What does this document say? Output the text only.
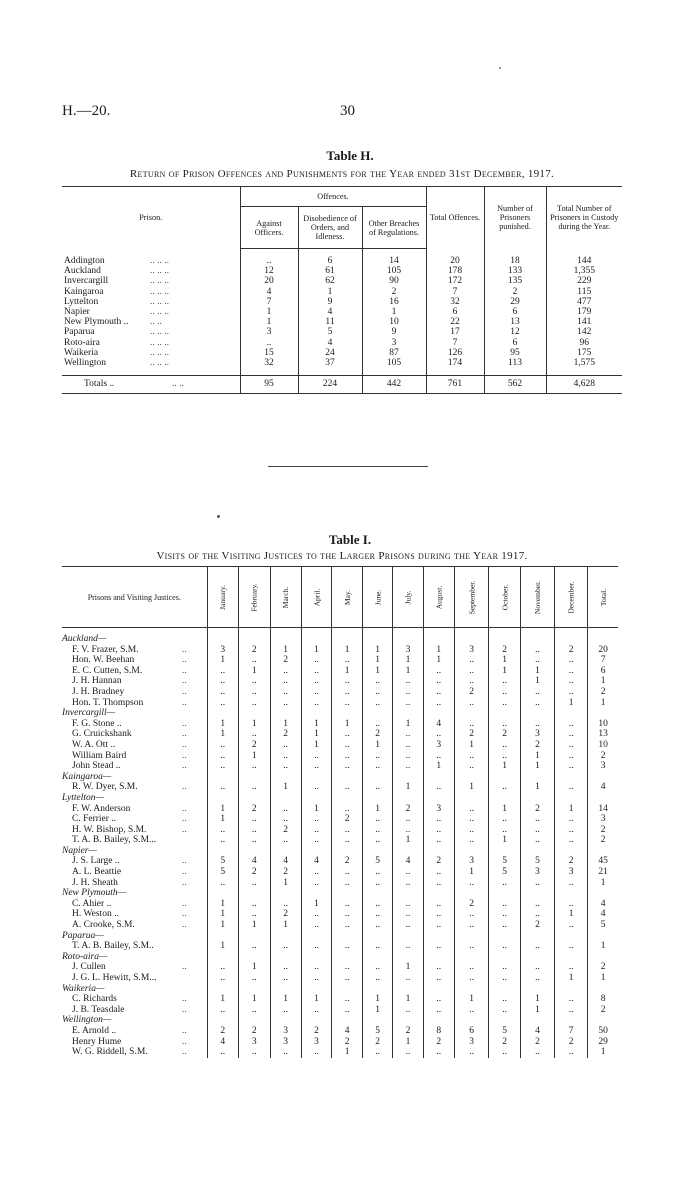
H.—20.	30
Table H.
Return of Prison Offences and Punishments for the Year ended 31st December, 1917.
Prison.	Offences.			Total Offences.	Number of Prisoners punished.	Total Number of Prisoners in Custody during the Year.
	Against Officers.	Disobedience of Orders, and Idleness.	Other Breaches of Regulations.			

Addington .. .. ..	..	6	14	20	18	144
Auckland .. .. ..	12	61	105	178	133	1,355
Invercargill .. .. ..	20	62	90	172	135	229
Kaingaroa .. .. ..	4	1	2	7	2	115
Lyttelton .. .. ..	7	9	16	32	29	477
Napier .. .. ..	1	4	1	6	6	179
New Plymouth .. .. ..	1	11	10	22	13	141
Paparua .. .. ..	3	5	9	17	12	142
Roto-aira .. .. ..	..	4	3	7	6	96
Waikeria .. .. ..	15	24	87	126	95	175
Wellington .. .. ..	32	37	105	174	113	1,575

Totals .. .. ..	95	224	442	761	562	4,628
Table I.
Visits of the Visiting Justices to the Larger Prisons during the Year 1917.
Prisons and Visiting Justices.	January.	February.	March.	April.	May.	June.	July.	August.	September.	October.	November.	December.	Total.

Auckland—													
F. V. Frazer, S.M. ..	3	2	1	1	1	1	3	1	3	2	..	2	20
Hon. W. Beehan ..	1	..	2	..	..	1	1	1	..	1	..	..	7
E. C. Cutten, S.M. ..	..	1	..	..	1	1	1	..	..	1	1	..	6
J. H. Hannan ..	..	..	..	..	..	..	..	..	..	..	1	..	1
J. H. Bradney ..	..	..	..	..	..	..	..	..	2	..	..	..	2
Hon. T. Thompson ..	..	..	..	..	..	..	..	..	..	..	..	1	1
Invercargill—													
F. G. Stone .. ..	1	1	1	1	1	..	1	4	..	..	..	..	10
G. Cruickshank ..	1	..	2	1	..	2	..	..	2	2	3	..	13
W. A. Ott .. ..	..	2	..	1	..	1	..	3	1	..	2	..	10
William Baird ..	..	1	..	..	..	..	..	..	..	..	1	..	2
John Stead .. ..	..	..	..	..	..	..	..	1	..	1	1	..	3
Kaingaroa—													
R. W. Dyer, S.M. ..	..	..	1	..	..	..	1	..	1	..	1	..	4
Lyttelton—													
F. W. Anderson ..	1	2	..	1	..	1	2	3	..	1	2	1	14
C. Ferrier .. ..	1	..	..	..	2	..	..	..	..	..	..	..	3
H. W. Bishop, S.M. ..	..	..	2	..	..	..	..	..	..	..	..	..	2
T. A. B. Bailey, S.M...	..	..	..	..	..	..	1	..	..	1	..	..	2
Napier—													
J. S. Large .. ..	5	4	4	4	2	5	4	2	3	5	5	2	45
A. L. Beattie ..	5	2	2	..	..	..	..	..	1	5	3	3	21
J. H. Sheath ..	..	..	1	..	..	..	..	..	..	..	..	..	1
New Plymouth—													
C. Ahier .. ..	1	..	..	1	..	..	..	..	2	..	..	..	4
H. Weston .. ..	1	..	2	..	..	..	..	..	..	..	..	1	4
A. Crooke, S.M. ..	1	1	1	..	..	..	..	..	..	..	2	..	5
Paparua—													
T. A. B. Bailey, S.M..	1	..	..	..	..	..	..	..	..	..	..	..	1
Roto-aira—													
J. Cullen ..	..	1	..	..	..	..	1	..	..	..	..	..	2
J. G. L. Hewitt, S.M...	..	..	..	..	..	..	..	..	..	..	..	1	1
Waikeria—													
C. Richards ..	1	1	1	1	..	1	1	..	1	..	1	..	8
J. B. Teasdale ..	..	..	..	..	..	1	..	..	..	..	1	..	2
Wellington—													
E. Arnold .. ..	2	2	3	2	4	5	2	8	6	5	4	7	50
Henry Hume ..	4	3	3	3	2	2	1	2	3	2	2	2	29
W. G. Riddell, S.M. ..	..	..	..	..	1	..	..	..	..	..	..	..	1
